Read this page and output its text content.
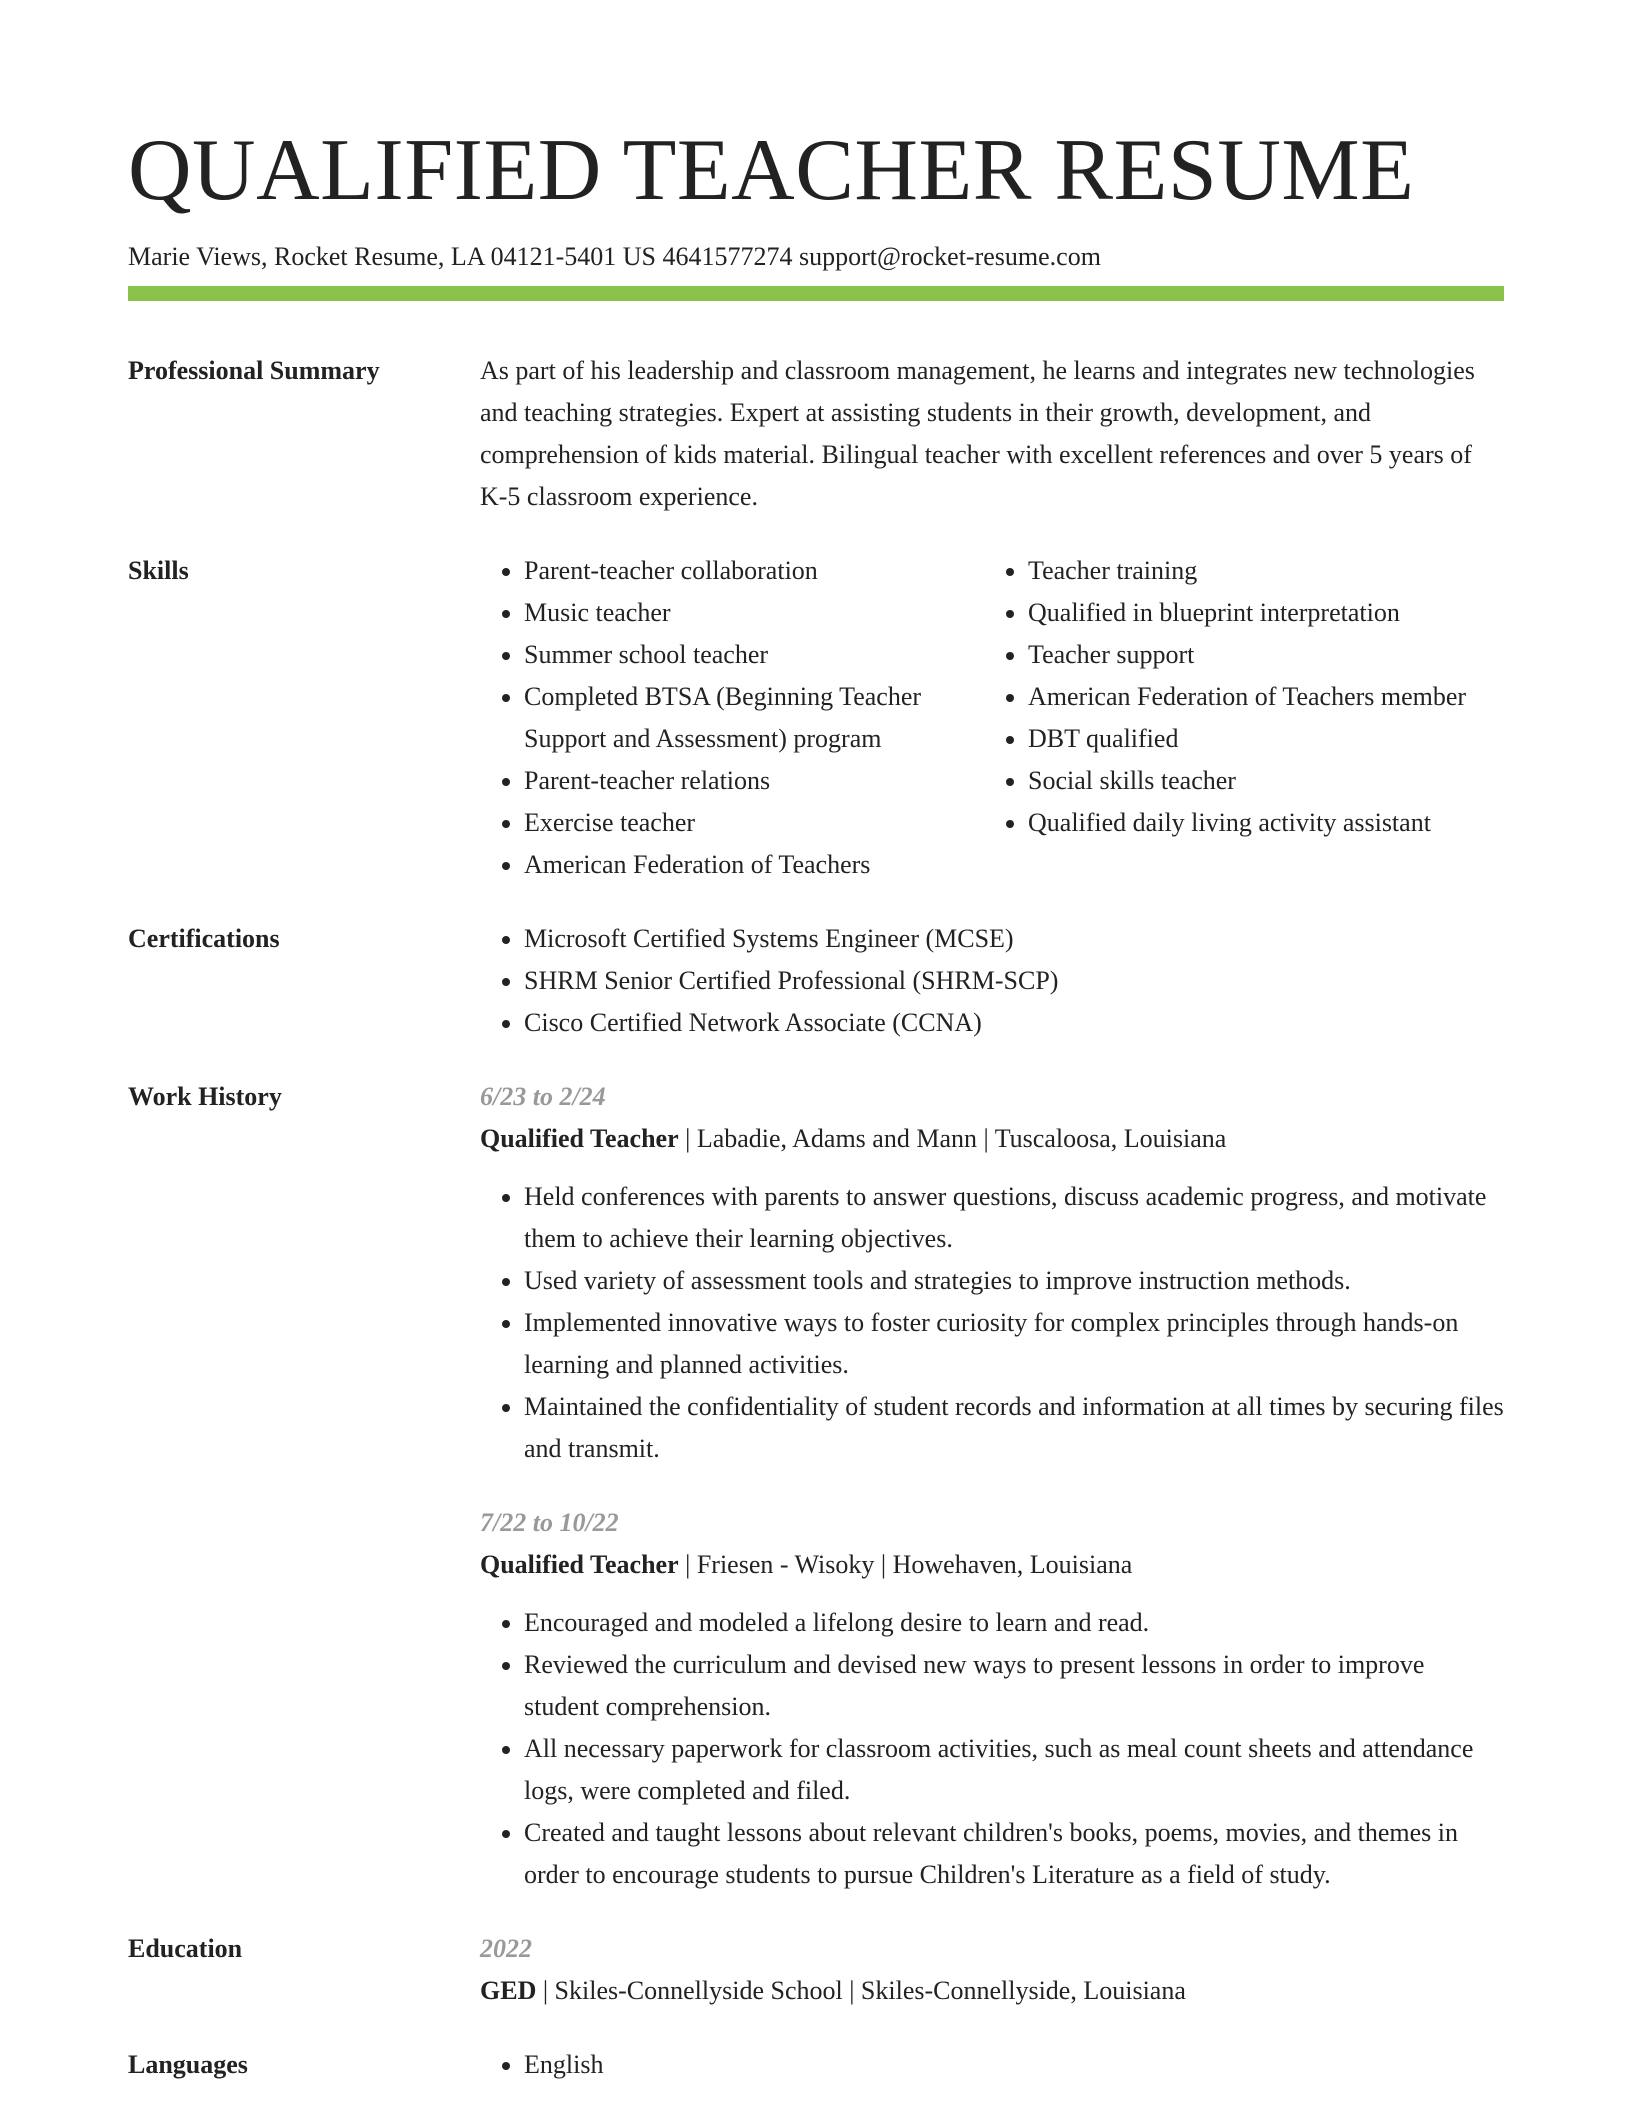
QUALIFIED TEACHER RESUME
Marie Views, Rocket Resume, LA 04121-5401 US 4641577274 support@rocket-resume.com
Professional Summary	As part of his leadership and classroom management, he learns and integrates new technologies and teaching strategies. Expert at assisting students in their growth, development, and comprehension of kids material. Bilingual teacher with excellent references and over 5 years of K-5 classroom experience.

Skills	• Parent-teacher collaboration
• Music teacher
• Summer school teacher
• Completed BTSA (Beginning Teacher Support and Assessment) program
• Parent-teacher relations
• Exercise teacher
• American Federation of Teachers
• Teacher training
• Qualified in blueprint interpretation
• Teacher support
• American Federation of Teachers member
• DBT qualified
• Social skills teacher
• Qualified daily living activity assistant
Certifications	• Microsoft Certified Systems Engineer (MCSE)
• SHRM Senior Certified Professional (SHRM-SCP)
• Cisco Certified Network Associate (CCNA)
Work History	6/23 to 2/24
Qualified Teacher | Labadie, Adams and Mann | Tuscaloosa, Louisiana
• Held conferences with parents to answer questions, discuss academic progress, and motivate them to achieve their learning objectives.
• Used variety of assessment tools and strategies to improve instruction methods.
• Implemented innovative ways to foster curiosity for complex principles through hands-on learning and planned activities.
• Maintained the confidentiality of student records and information at all times by securing files and transmit.
7/22 to 10/22
Qualified Teacher | Friesen - Wisoky | Howehaven, Louisiana
• Encouraged and modeled a lifelong desire to learn and read.
• Reviewed the curriculum and devised new ways to present lessons in order to improve student comprehension.
• All necessary paperwork for classroom activities, such as meal count sheets and attendance logs, were completed and filed.
• Created and taught lessons about relevant children's books, poems, movies, and themes in order to encourage students to pursue Children's Literature as a field of study.
Education	2022
GED | Skiles-Connellyside School | Skiles-Connellyside, Louisiana
Languages	• English
